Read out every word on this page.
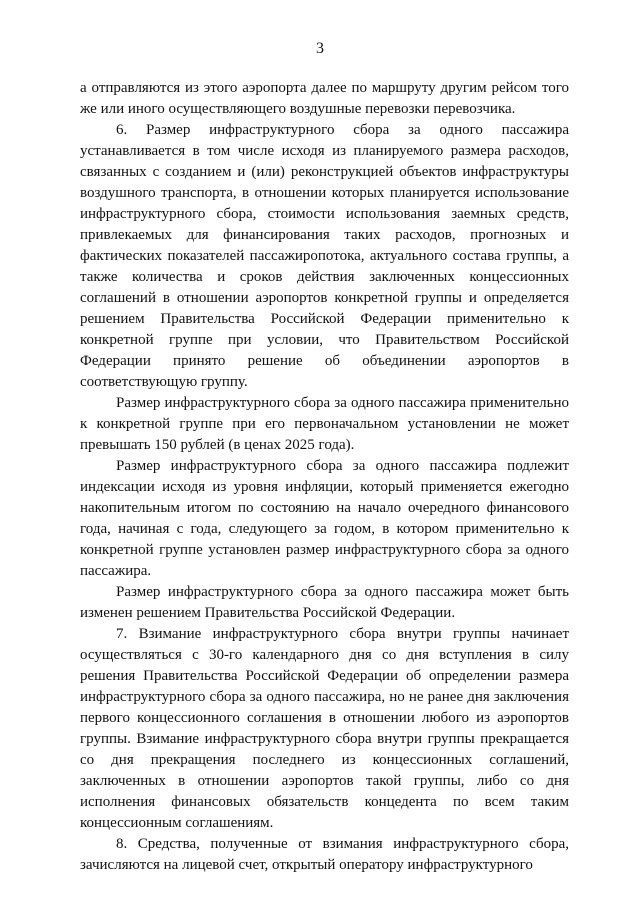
3

а отправляются из этого аэропорта далее по маршруту другим рейсом того же или иного осуществляющего воздушные перевозки перевозчика.

6. Размер инфраструктурного сбора за одного пассажира устанавливается в том числе исходя из планируемого размера расходов, связанных с созданием и (или) реконструкцией объектов инфраструктуры воздушного транспорта, в отношении которых планируется использование инфраструктурного сбора, стоимости использования заемных средств, привлекаемых для финансирования таких расходов, прогнозных и фактических показателей пассажиропотока, актуального состава группы, а также количества и сроков действия заключенных концессионных соглашений в отношении аэропортов конкретной группы и определяется решением Правительства Российской Федерации применительно к конкретной группе при условии, что Правительством Российской Федерации принято решение об объединении аэропортов в соответствующую группу.

Размер инфраструктурного сбора за одного пассажира применительно к конкретной группе при его первоначальном установлении не может превышать 150 рублей (в ценах 2025 года).

Размер инфраструктурного сбора за одного пассажира подлежит индексации исходя из уровня инфляции, который применяется ежегодно накопительным итогом по состоянию на начало очередного финансового года, начиная с года, следующего за годом, в котором применительно к конкретной группе установлен размер инфраструктурного сбора за одного пассажира.

Размер инфраструктурного сбора за одного пассажира может быть изменен решением Правительства Российской Федерации.

7. Взимание инфраструктурного сбора внутри группы начинает осуществляться с 30-го календарного дня со дня вступления в силу решения Правительства Российской Федерации об определении размера инфраструктурного сбора за одного пассажира, но не ранее дня заключения первого концессионного соглашения в отношении любого из аэропортов группы. Взимание инфраструктурного сбора внутри группы прекращается со дня прекращения последнего из концессионных соглашений, заключенных в отношении аэропортов такой группы, либо со дня исполнения финансовых обязательств концедента по всем таким концессионным соглашениям.

8. Средства, полученные от взимания инфраструктурного сбора, зачисляются на лицевой счет, открытый оператору инфраструктурного
